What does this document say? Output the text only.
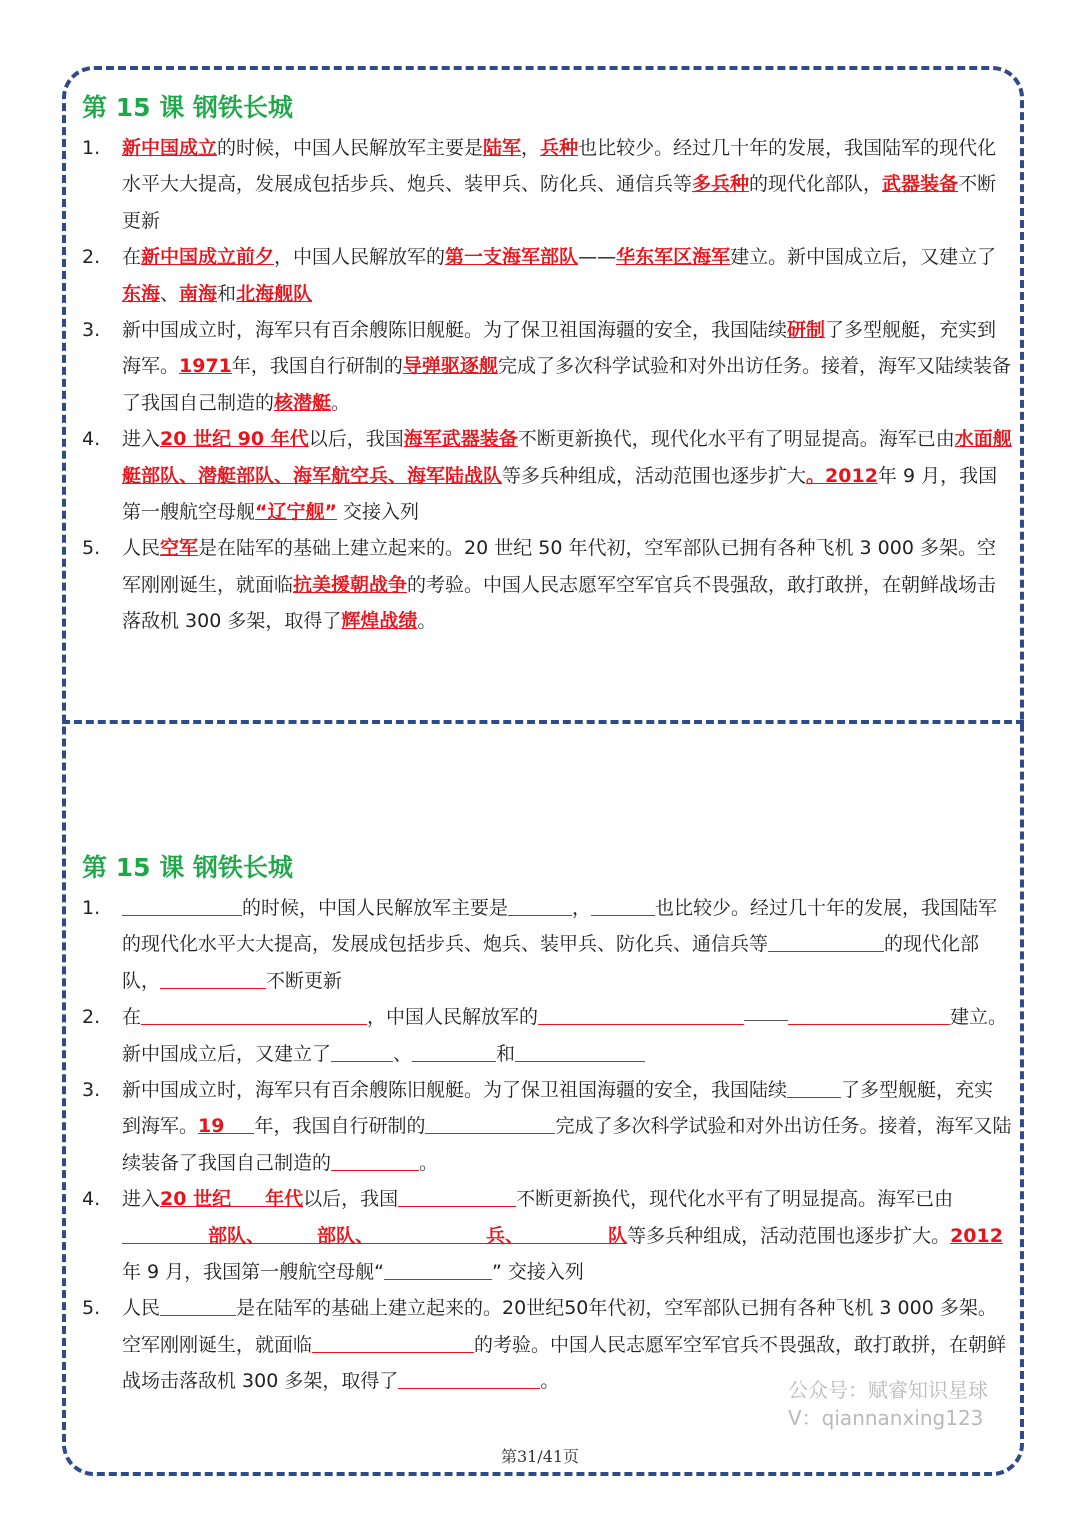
第 15 课 钢铁长城
1.	新中国成立的时候，中国人民解放军主要是陆军，兵种也比较少。经过几十年的发展，我国陆军的现代化水平大大提高，发展成包括步兵、炮兵、装甲兵、防化兵、通信兵等多兵种的现代化部队，武器装备不断更新
2.	在新中国成立前夕，中国人民解放军的第一支海军部队——华东军区海军建立。新中国成立后，又建立了东海、南海和北海舰队
3.	新中国成立时，海军只有百余艘陈旧舰艇。为了保卫祖国海疆的安全，我国陆续研制了多型舰艇，充实到海军。1971年，我国自行研制的导弹驱逐舰完成了多次科学试验和对外出访任务。接着，海军又陆续装备了我国自己制造的核潜艇。
4.	进入20 世纪 90 年代以后，我国海军武器装备不断更新换代，现代化水平有了明显提高。海军已由水面舰艇部队、潜艇部队、海军航空兵、海军陆战队等多兵种组成，活动范围也逐步扩大。2012年 9 月，我国第一艘航空母舰“辽宁舰” 交接入列
5.	人民空军是在陆军的基础上建立起来的。20 世纪 50 年代初，空军部队已拥有各种飞机 3 000 多架。空军刚刚诞生，就面临抗美援朝战争的考验。中国人民志愿军空军官兵不畏强敌，敢打敢拼，在朝鲜战场击落敌机 300 多架，取得了辉煌战绩。
第 15 课 钢铁长城
1.	的时候，中国人民解放军主要是	，	也比较少。经过几十年的发展，我国陆军的现代化水平大大提高，发展成包括步兵、炮兵、装甲兵、防化兵、通信兵等	的现代化部队，	不断更新
2.	在	，中国人民解放军的	建立。新中国成立后，又建立了	、	和
3.	新中国成立时，海军只有百余艘陈旧舰艇。为了保卫祖国海疆的安全，我国陆续	了多型舰艇，充实到海军。19 年，我国自行研制的	完成了多次科学试验和对外出访任务。接着，海军又陆续装备了我国自己制造的	。
4.	进入20 世纪 年代以后，我国	不断更新换代，现代化水平有了明显提高。海军已由部队、	部队、	兵、	队等多兵种组成，活动范围也逐步扩大。2012年 9 月，我国第一艘航空母舰“	” 交接入列
5.	人民	是在陆军的基础上建立起来的。20世纪50年代初，空军部队已拥有各种飞机 3 000 多架。空军刚刚诞生，就面临	的考验。中国人民志愿军空军官兵不畏强敌，敢打敢拼，在朝鲜战场击落敌机 300 多架，取得了	。	公众号：赋睿知识星球
V：qiannanxing123
第31/41页
